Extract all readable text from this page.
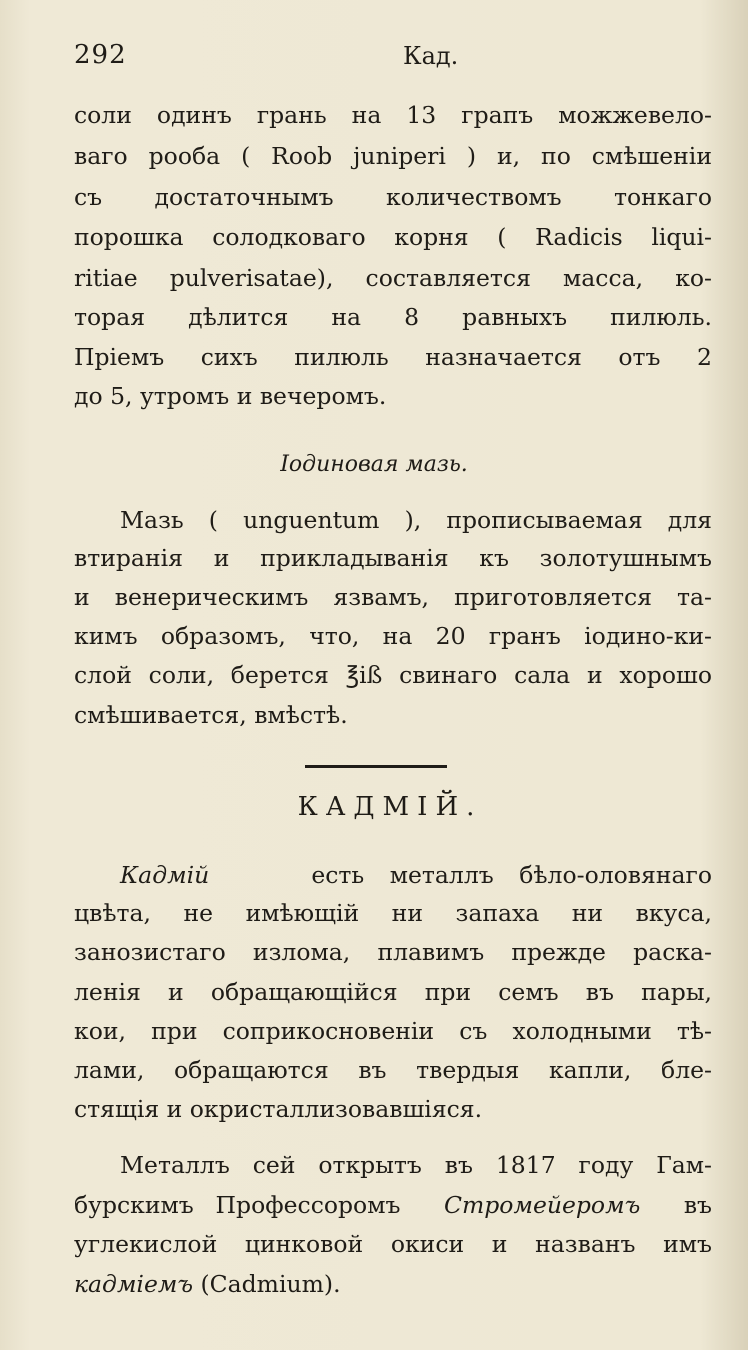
292	Кад.
соли одинъ грань на 13 грапъ можжевело-
ваго рооба ( Roob juniperi ) и, по смѣшенiи
съ достаточнымъ количествомъ тонкаго
порошка солодковаго корня ( Radicis liqui-
ritiae pulverisatae), составляется масса, ко-
торая дѣлится на 8 равныхъ пилюль.
Прiемъ сихъ пилюль назначается отъ 2
до 5, утромъ и вечеромъ.
Iодиновая мазь.
Мазь ( unguentum ), прописываемая для
втиранiя и прикладыванiя къ золотушнымъ
и венерическимъ язвамъ, приготовляется та-
кимъ образомъ, что, на 20 гранъ iодино-ки-
слой соли, берется ℥iß свинаго сала и хорошо
смѣшивается, вмѣстѣ.
КАДМIЙ.
Кадмiй	есть металлъ бѣло-оловянаго
цвѣта, не имѣющiй ни запаха ни вкуса,
занозистаго излома, плавимъ прежде раска-
ленiя и обращающiйся при семъ въ пары,
кои, при соприкосновенiи съ холодными тѣ-
лами, обращаются въ твердыя капли, бле-
стящiя и окристаллизовавшiяся.
Металлъ сей открытъ въ 1817 году Гам-
бурскимъ Профессоромъ Стромейеромъ въ
углекислой цинковой окиси и названъ имъ
кадмiемъ (Cadmium).
